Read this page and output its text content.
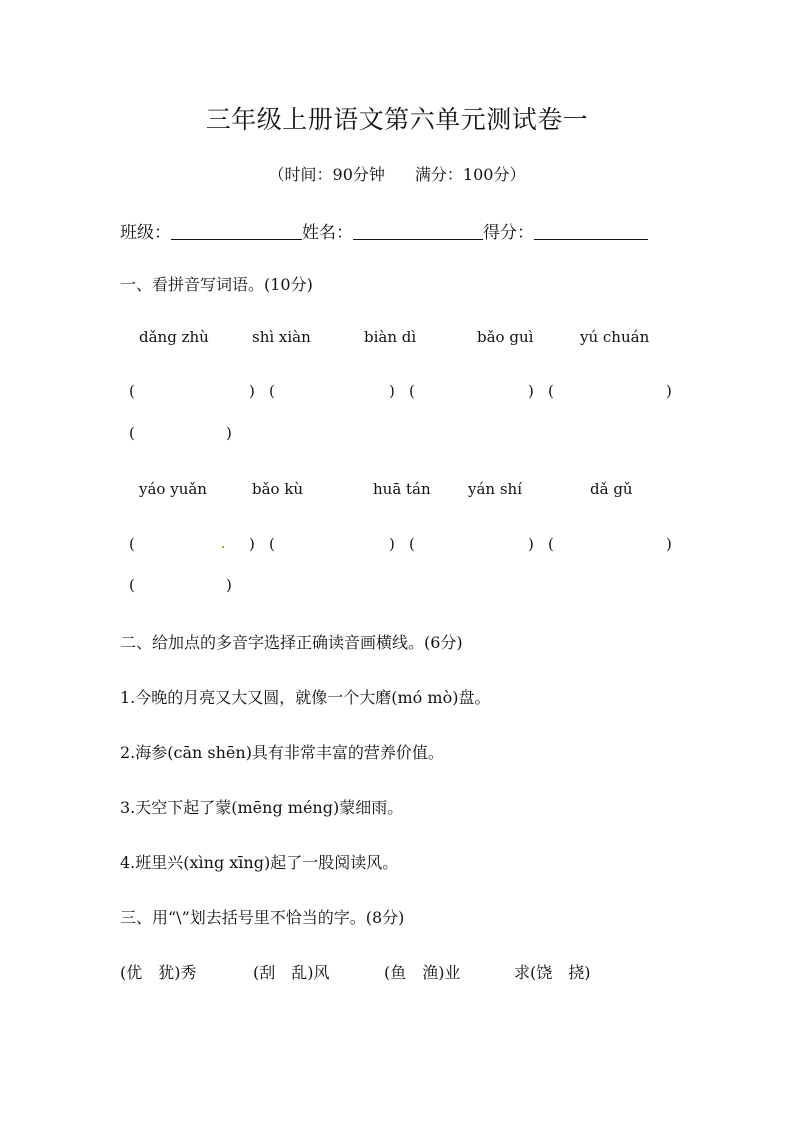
三年级上册语文第六单元测试卷一
（时间：90分钟 满分：100分）
班级：	姓名：	得分：
一、看拼音写词语。(10分)
dǎng zhù	shì xiàn	biàn dì	bǎo guì	yú chuán
(	) (	) (	) (	)
(	)
yáo yuǎn	bǎo kù	huā tán yán shí	dǎ gǔ
(	) (	) (	) (	)
(	)
二、给加点的多音字选择正确读音画横线。(6分)
1.今晚的月亮又大又圆，就像一个大磨(mó mò)盘。
2.海参(cān shēn)具有非常丰富的营养价值。
3.天空下起了蒙(mēng méng)蒙细雨。
4.班里兴(xìng xīng)起了一股阅读风。
三、用“\”划去括号里不恰当的字。(8分)
(优　犹)秀	(刮　乱)风	(鱼　渔)业	求(饶　挠)
